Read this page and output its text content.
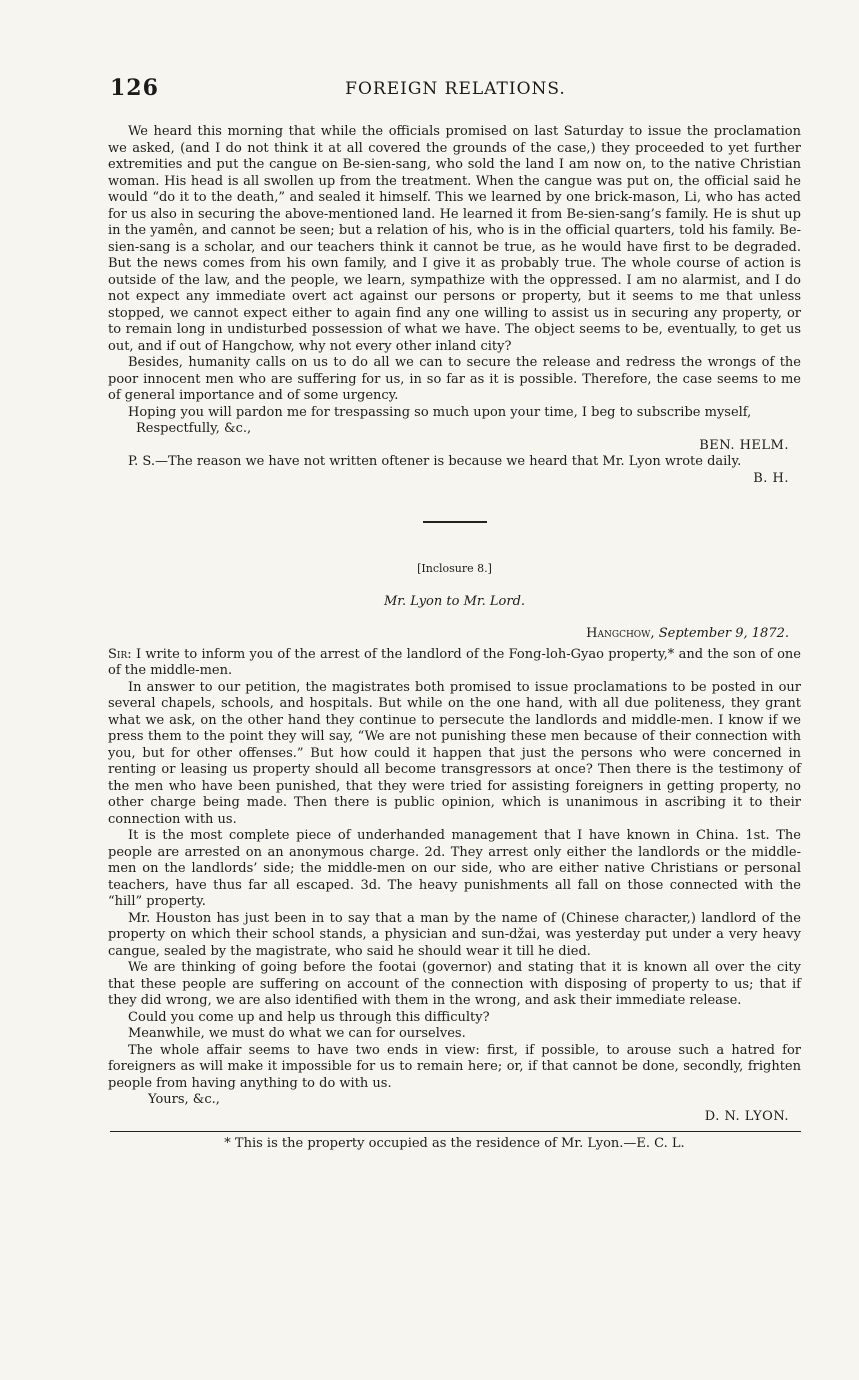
126	FOREIGN RELATIONS.

We heard this morning that while the officials promised on last Saturday to issue the proclamation we asked, (and I do not think it at all covered the grounds of the case,) they proceeded to yet further extremities and put the cangue on Be-sien-sang, who sold the land I am now on, to the native Christian woman. His head is all swollen up from the treatment. When the cangue was put on, the official said he would “do it to the death,” and sealed it himself. This we learned by one brick-mason, Li, who has acted for us also in securing the above-mentioned land. He learned it from Be-sien-sang’s family. He is shut up in the yamên, and cannot be seen; but a relation of his, who is in the official quarters, told his family. Be-sien-sang is a scholar, and our teachers think it cannot be true, as he would have first to be degraded. But the news comes from his own family, and I give it as probably true. The whole course of action is outside of the law, and the people, we learn, sympathize with the oppressed. I am no alarmist, and I do not expect any immediate overt act against our persons or property, but it seems to me that unless stopped, we cannot expect either to again find any one willing to assist us in securing any property, or to remain long in undisturbed possession of what we have. The object seems to be, eventually, to get us out, and if out of Hangchow, why not every other inland city?

Besides, humanity calls on us to do all we can to secure the release and redress the wrongs of the poor innocent men who are suffering for us, in so far as it is possible. Therefore, the case seems to me of general importance and of some urgency.

Hoping you will pardon me for trespassing so much upon your time, I beg to subscribe myself,

Respectfully, &c.,

BEN. HELM.

P. S.—The reason we have not written oftener is because we heard that Mr. Lyon wrote daily.

B. H.

[Inclosure 8.]

Mr. Lyon to Mr. Lord.

Hangchow, September 9, 1872.

Sir: I write to inform you of the arrest of the landlord of the Fong-loh-Gyao property,* and the son of one of the middle-men.

In answer to our petition, the magistrates both promised to issue proclamations to be posted in our several chapels, schools, and hospitals. But while on the one hand, with all due politeness, they grant what we ask, on the other hand they continue to persecute the landlords and middle-men. I know if we press them to the point they will say, “We are not punishing these men because of their connection with you, but for other offenses.” But how could it happen that just the persons who were concerned in renting or leasing us property should all become transgressors at once? Then there is the testimony of the men who have been punished, that they were tried for assisting foreigners in getting property, no other charge being made. Then there is public opinion, which is unanimous in ascribing it to their connection with us.

It is the most complete piece of underhanded management that I have known in China. 1st. The people are arrested on an anonymous charge. 2d. They arrest only either the landlords or the middle-men on the landlords’ side; the middle-men on our side, who are either native Christians or personal teachers, have thus far all escaped. 3d. The heavy punishments all fall on those connected with the “hill” property.

Mr. Houston has just been in to say that a man by the name of (Chinese character,) landlord of the property on which their school stands, a physician and sun-džai, was yesterday put under a very heavy cangue, sealed by the magistrate, who said he should wear it till he died.

We are thinking of going before the footai (governor) and stating that it is known all over the city that these people are suffering on account of the connection with disposing of property to us; that if they did wrong, we are also identified with them in the wrong, and ask their immediate release.

Could you come up and help us through this difficulty?

Meanwhile, we must do what we can for ourselves.

The whole affair seems to have two ends in view: first, if possible, to arouse such a hatred for foreigners as will make it impossible for us to remain here; or, if that cannot be done, secondly, frighten people from having anything to do with us.

Yours, &c.,

D. N. LYON.

* This is the property occupied as the residence of Mr. Lyon.—E. C. L.
